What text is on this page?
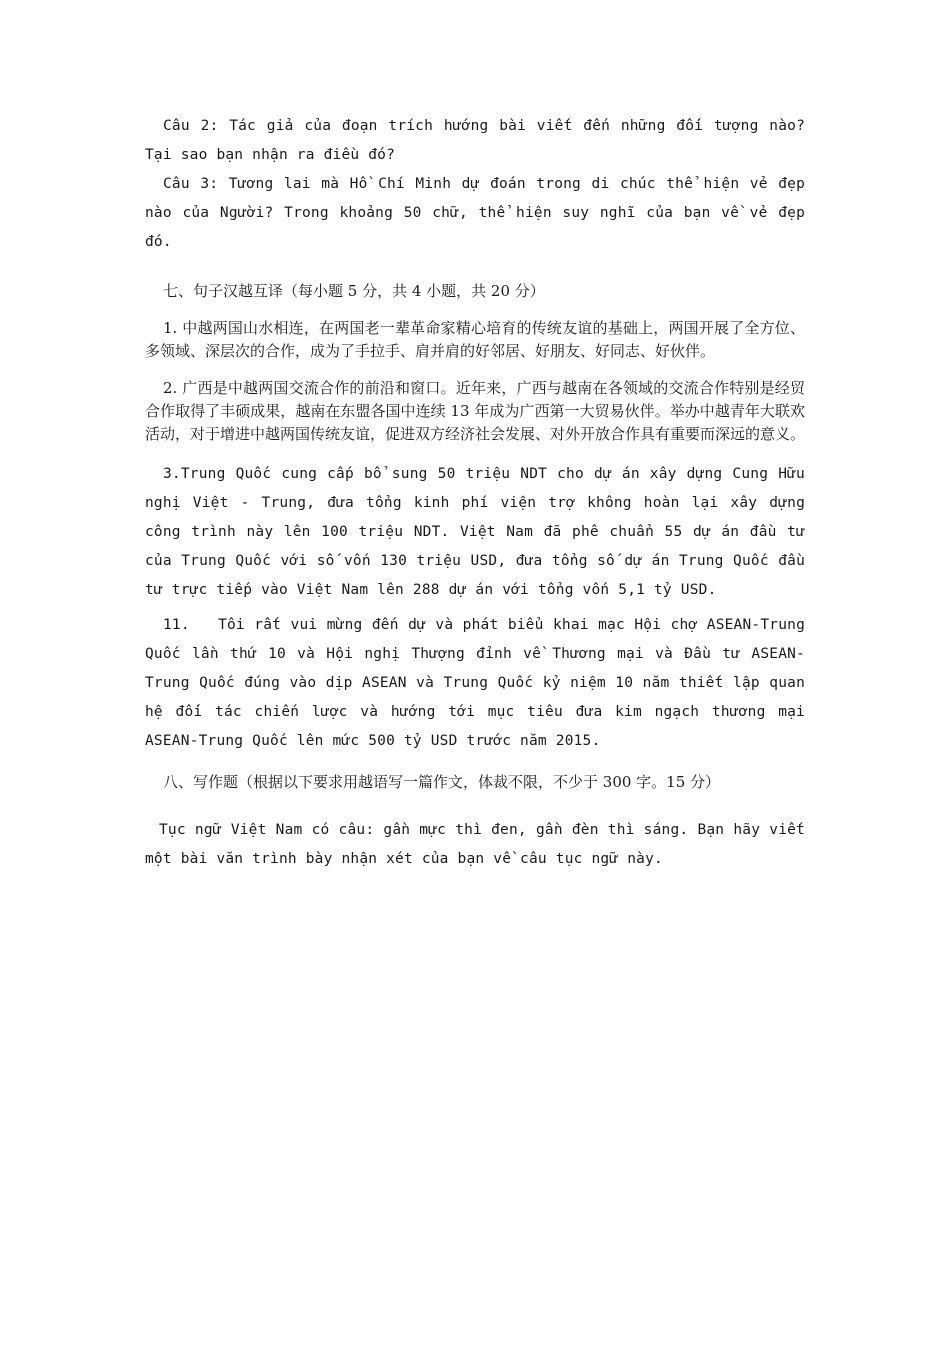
Câu 2: Tác giả của đoạn trích hướng bài viết đến những đối tượng nào? Tại sao bạn nhận ra điều đó?

Câu 3: Tương lai mà Hồ Chí Minh dự đoán trong di chúc thể hiện vẻ đẹp nào của Người? Trong khoảng 50 chữ, thể hiện suy nghĩ của bạn về vẻ đẹp đó.

七、句子汉越互译（每小题 5 分，共 4 小题，共 20 分）

1. 中越两国山水相连，在两国老一辈革命家精心培育的传统友谊的基础上，两国开展了全方位、多领域、深层次的合作，成为了手拉手、肩并肩的好邻居、好朋友、好同志、好伙伴。

2. 广西是中越两国交流合作的前沿和窗口。近年来，广西与越南在各领域的交流合作特别是经贸合作取得了丰硕成果，越南在东盟各国中连续 13 年成为广西第一大贸易伙伴。举办中越青年大联欢活动，对于增进中越两国传统友谊，促进双方经济社会发展、对外开放合作具有重要而深远的意义。

3.Trung Quốc cung cấp bổ sung 50 triệu NDT cho dự án xây dựng Cung Hữu nghị Việt - Trung, đưa tổng kinh phí viện trợ không hoàn lại xây dựng công trình này lên 100 triệu NDT. Việt Nam đã phê chuẩn 55 dự án đầu tư của Trung Quốc với số vốn 130 triệu USD, đưa tổng số dự án Trung Quốc đầu tư trực tiếp vào Việt Nam lên 288 dự án với tổng vốn 5,1 tỷ USD.

11.   Tôi rất vui mừng đến dự và phát biểu khai mạc Hội chợ ASEAN-Trung Quốc lần thứ 10 và Hội nghị Thượng đỉnh về Thương mại và Đầu tư ASEAN-Trung Quốc đúng vào dịp ASEAN và Trung Quốc kỷ niệm 10 năm thiết lập quan hệ đối tác chiến lược và hướng tới mục tiêu đưa kim ngạch thương mại ASEAN-Trung Quốc lên mức 500 tỷ USD trước năm 2015.

八、写作题（根据以下要求用越语写一篇作文，体裁不限，不少于 300 字。15 分）

Tục ngữ Việt Nam có câu: gần mực thì đen, gần đèn thì sáng. Bạn hãy viết một bài văn trình bày nhận xét của bạn về câu tục ngữ này.
